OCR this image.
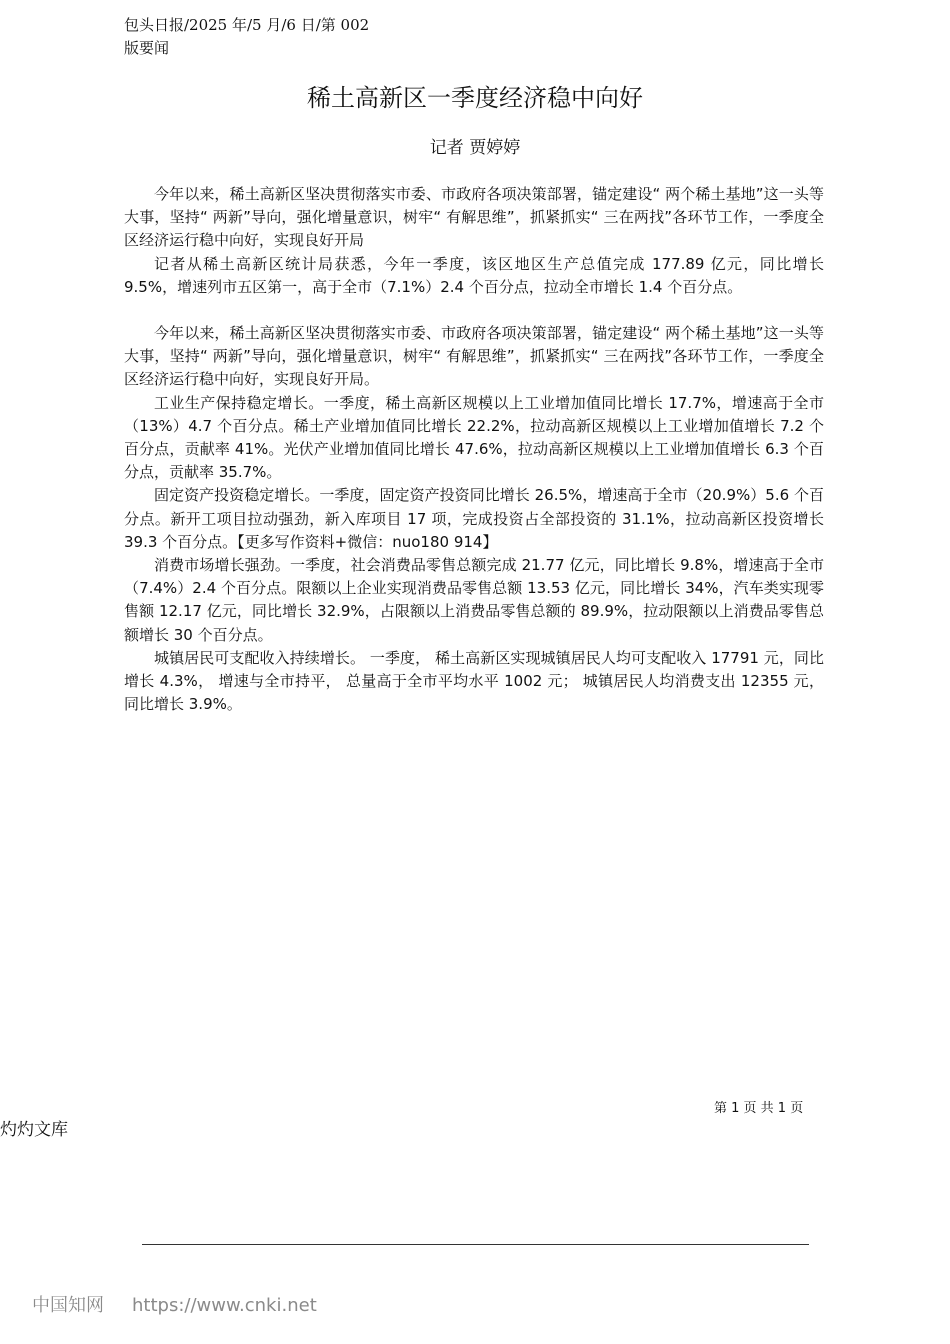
包头日报/2025 年/5 月/6 日/第 002
版要闻
稀土高新区一季度经济稳中向好
记者 贾婷婷

今年以来，稀土高新区坚决贯彻落实市委、市政府各项决策部署，锚定建设“ 两个稀土基地”这一头等大事，坚持“ 两新”导向，强化增量意识，树牢“ 有解思维”，抓紧抓实“ 三在两找”各环节工作，一季度全区经济运行稳中向好，实现良好开局

记者从稀土高新区统计局获悉，今年一季度，该区地区生产总值完成 177.89 亿元，同比增长 9.5%，增速列市五区第一，高于全市（7.1%）2.4 个百分点，拉动全市增长 1.4 个百分点。

今年以来，稀土高新区坚决贯彻落实市委、市政府各项决策部署，锚定建设“ 两个稀土基地”这一头等大事，坚持“ 两新”导向，强化增量意识，树牢“ 有解思维”，抓紧抓实“ 三在两找”各环节工作，一季度全区经济运行稳中向好，实现良好开局。

工业生产保持稳定增长。一季度，稀土高新区规模以上工业增加值同比增长 17.7%，增速高于全市（13%）4.7 个百分点。稀土产业增加值同比增长 22.2%，拉动高新区规模以上工业增加值增长 7.2 个百分点，贡献率 41%。光伏产业增加值同比增长 47.6%，拉动高新区规模以上工业增加值增长 6.3 个百分点，贡献率 35.7%。

固定资产投资稳定增长。一季度，固定资产投资同比增长 26.5%，增速高于全市（20.9%）5.6 个百分点。新开工项目拉动强劲，新入库项目 17 项，完成投资占全部投资的 31.1%，拉动高新区投资增长 39.3 个百分点。【更多写作资料+微信：nuo180 914】

消费市场增长强劲。一季度，社会消费品零售总额完成 21.77 亿元，同比增长 9.8%，增速高于全市（7.4%）2.4 个百分点。限额以上企业实现消费品零售总额 13.53 亿元，同比增长 34%，汽车类实现零售额 12.17 亿元，同比增长 32.9%，占限额以上消费品零售总额的 89.9%，拉动限额以上消费品零售总额增长 30 个百分点。

城镇居民可支配收入持续增长。 一季度， 稀土高新区实现城镇居民人均可支配收入 17791 元，同比增长 4.3%， 增速与全市持平， 总量高于全市平均水平 1002 元； 城镇居民人均消费支出 12355 元，同比增长 3.9%。

第 1 页 共 1 页
灼灼文库
中国知网 https://www.cnki.net
